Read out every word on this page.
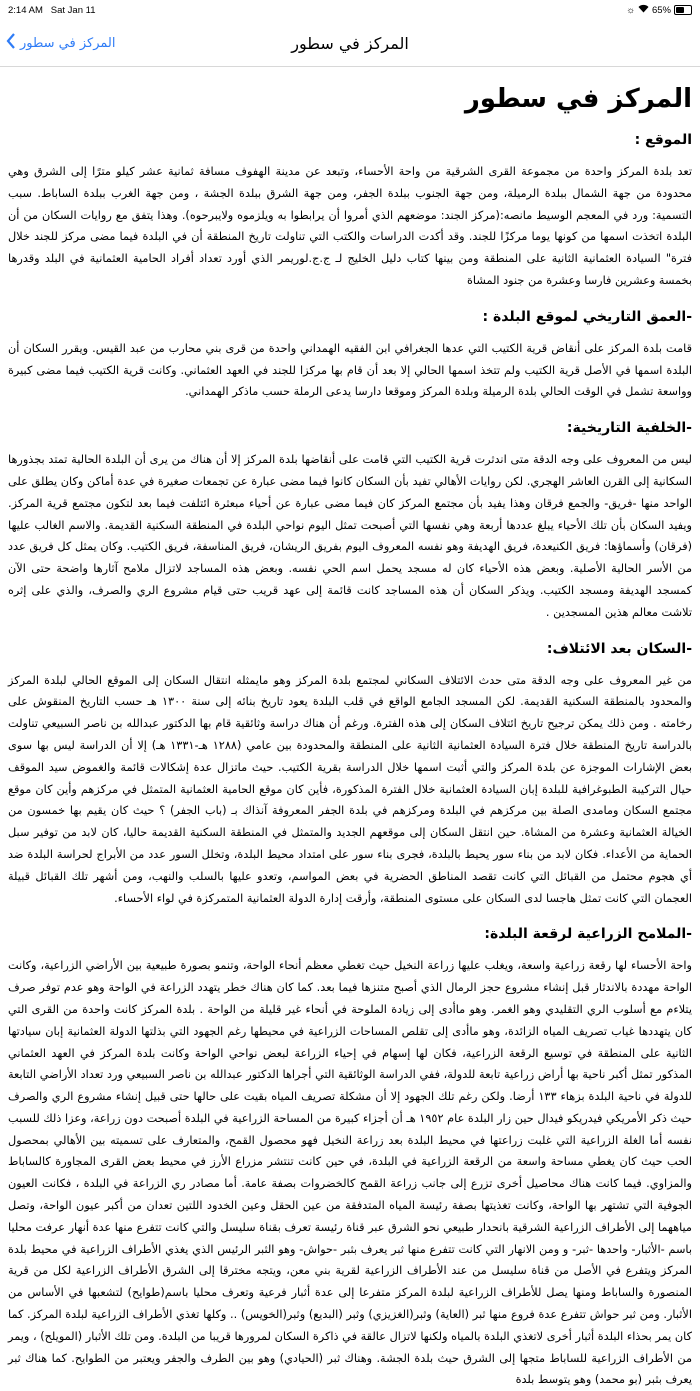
2:14 AM Sat Jan 11	☼ 65%
المركز في سطور	المركز في سطور
المركز في سطور
الموقع :

تعد بلدة المركز واحدة من مجموعة القرى الشرقية من واحة الأحساء، وتبعد عن مدينة الهفوف مسافة ثمانية عشر كيلو مترًا إلى الشرق وهي محدودة من جهة الشمال ببلدة الرميلة، ومن جهة الجنوب ببلدة الجفر، ومن جهة الشرق ببلدة الجشة ، ومن جهة الغرب ببلدة الساباط. سبب التسمية: ورد في المعجم الوسيط مانصه:(مركز الجند: موضعهم الذي أمروا أن يرابطوا به ويلزموه ولايبرحوه). وهذا يتفق مع روايات السكان من أن البلدة اتخذت اسمها من كونها يوما مركزًا للجند. وقد أكدت الدراسات والكتب التي تناولت تاريخ المنطقة أن في البلدة فيما مضى مركز للجند خلال فترة" السيادة العثمانية الثانية على المنطقة ومن بينها كتاب دليل الخليج لـ ج.ج.لوريمر الذي أورد تعداد أفراد الحامية العثمانية في البلد وقدرها بخمسة وعشرين فارسا وعشرة من جنود المشاة

-العمق التاريخي لموقع البلدة :

قامت بلدة المركز على أنقاض قرية الكتيب التي عدها الجغرافي ابن الفقيه الهمداني واحدة من قرى بني محارب من عبد القيس. ويقرر السكان أن البلدة اسمها في الأصل قرية الكتيب ولم تتخذ اسمها الحالي إلا بعد أن قام بها مركزا للجند في العهد العثماني. وكانت قرية الكتيب فيما مضى كبيرة وواسعة تشمل في الوقت الحالي بلدة الرميلة وبلدة المركز وموقعا دارسا يدعى الرملة حسب ماذكر الهمداني.

-الخلفية التاريخية:

ليس من المعروف على وجه الدقة متى اندثرت قرية الكتيب التي قامت على أنقاضها بلدة المركز إلا أن هناك من يرى أن البلدة الحالية تمتد بجذورها السكانية إلى القرن العاشر الهجري. لكن روايات الأهالي تفيد بأن السكان كانوا فيما مضى عبارة عن تجمعات صغيرة في عدة أماكن وكان يطلق على الواحد منها -فريق- والجمع فرقان وهذا يفيد بأن مجتمع المركز كان فيما مضى عبارة عن أحياء مبعثرة ائتلفت فيما بعد لتكون مجتمع قرية المركز. ويفيد السكان بأن تلك الأحياء يبلغ عددها أربعة وهي نفسها التي أصبحت تمثل اليوم نواحي البلدة في المنطقة السكنية القديمة. والاسم الغالب عليها (فرقان) وأسماؤها: فريق الكنيعدة، فريق الهديفة وهو نفسه المعروف اليوم بفريق الريشان، فريق المناسفة، فريق الكتيب. وكان يمثل كل فريق عدد من الأسر الحالية الأصلية. وبعض هذه الأحياء كان له مسجد يحمل اسم الحي نفسه. وبعض هذه المساجد لاتزال ملامح آثارها واضحة حتى الآن كمسجد الهديفة ومسجد الكتيب. ويذكر السكان أن هذه المساجد كانت قائمة إلى عهد قريب حتى قيام مشروع الري والصرف، والذي على إثره تلاشت معالم هذين المسجدين .

-السكان بعد الائتلاف:

من غير المعروف على وجه الدقة متى حدث الائتلاف السكاني لمجتمع بلدة المركز وهو مايمثله انتقال السكان إلى الموقع الحالي لبلدة المركز والمحدود بالمنطقة السكنية القديمة. لكن المسجد الجامع الواقع في قلب البلدة يعود تاريخ بنائه إلى سنة ١٣٠٠ هـ حسب التاريخ المنقوش على رخامته . ومن ذلك يمكن ترجيح تاريخ ائتلاف السكان إلى هذه الفترة. ورغم أن هناك دراسة وثائقية قام بها الدكتور عبدالله بن ناصر السبيعي تناولت بالدراسة تاريخ المنطقة خلال فترة السيادة العثمانية الثانية على المنطقة والمحدودة بين عامي (١٢٨٨ هـ-١٣٣١ هـ) إلا أن الدراسة ليس بها سوى بعض الإشارات الموجزة عن بلدة المركز والتي أثبت اسمها خلال الدراسة بقرية الكتيب. حيث ماتزال عدة إشكالات قائمة والغموض سيد الموقف حيال التركيبة الطبوغرافية للبلدة إبان السيادة العثمانية خلال الفترة المذكورة، فأين كان موقع الحامية العثمانية المتمثل في مركزهم وأين كان موقع مجتمع السكان ومامدى الصلة بين مركزهم في البلدة ومركزهم في بلدة الجفر المعروفة آنذاك بـ (باب الجفر) ؟ حيث كان يقيم بها خمسون من الخيالة العثمانية وعشرة من المشاة. حين انتقل السكان إلى موقعهم الجديد والمتمثل في المنطقة السكنية القديمة حاليا، كان لابد من توفير سبل الحماية من الأعداء. فكان لابد من بناء سور يحيط بالبلدة، فجرى بناء سور على امتداد محيط البلدة، وتخلل السور عدد من الأبراج لحراسة البلدة ضد أي هجوم محتمل من القبائل التي كانت تقصد المناطق الحضرية في بعض المواسم، وتعدو عليها بالسلب والنهب، ومن أشهر تلك القبائل قبيلة العجمان التي كانت تمثل هاجسا لدى السكان على مستوى المنطقة، وأرقت إدارة الدولة العثمانية المتمركزة في لواء الأحساء.

-الملامح الزراعية لرقعة البلدة:

واحة الأحساء لها رقعة زراعية واسعة، ويغلب عليها زراعة النخيل حيث تغطي معظم أنحاء الواحة، وتنمو بصورة طبيعية بين الأراضي الزراعية، وكانت الواحة مهددة بالاندثار قبل إنشاء مشروع حجز الرمال الذي أصبح متنزها فيما بعد. كما كان هناك خطر يتهدد الزراعة في الواحة وهو عدم توفر صرف يتلاءم مع أسلوب الري التقليدي وهو الغمر. وهو ماأدى إلى زيادة الملوحة في أنحاء غير قليلة من الواحة . بلدة المركز كانت واحدة من القرى التي كان يتهددها غياب تصريف المياه الزائدة، وهو ماأدى إلى تقلص المساحات الزراعية في محيطها رغم الجهود التي بذلتها الدولة العثمانية إبان سيادتها الثانية على المنطقة في توسيع الرقعة الزراعية، فكان لها إسهام في إحياء الزراعة لبعض نواحي الواحة وكانت بلدة المركز في العهد العثماني المذكور تمثل أكبر ناحية بها أراض زراعية تابعة للدولة، ففي الدراسة الوثائقية التي أجراها الدكتور عبدالله بن ناصر السبيعي ورد تعداد الأراضي التابعة للدولة في ناحية البلدة بزهاء ١٣٣ أرضا. ولكن رغم تلك الجهود إلا أن مشكلة تصريف المياه بقيت على حالها حتى قبيل إنشاء مشروع الري والصرف حيث ذكر الأمريكي فيدريكو فيدال حين زار البلدة عام ١٩٥٢ هـ أن أجزاء كبيرة من المساحة الزراعية في البلدة أصبحت دون زراعة، وعزا ذلك للسبب نفسه أما الغلة الزراعية التي غلبت زراعتها في محيط البلدة بعد زراعة النخيل فهو محصول القمح، والمتعارف على تسميته بين الأهالي بمحصول الحب حيث كان يغطي مساحة واسعة من الرقعة الزراعية في البلدة، في حين كانت تنتشر مزراع الأرز في محيط بعض القرى المجاورة كالساباط والمزاوي. فيما كانت هناك محاصيل أخرى تزرع إلى جانب زراعة القمح كالخضروات بصفة عامة. أما مصادر ري الزراعة في البلدة ، فكانت العيون الجوفية التي تشتهر بها الواحة، وكانت تغذيتها بصفة رئيسة المياه المتدفقة من عين الحقل وعين الخدود اللتين تعدان من أكبر عيون الواحة، وتصل مياههما إلى الأطراف الزراعية الشرقية بانحدار طبيعي نحو الشرق عبر قناة رئيسة تعرف بقناة سليسل والتي كانت تتفرع منها عدة أنهار عرفت محليا باسم -الأثبار- واحدها -ثبر- و ومن الانهار التي كانت تتفرع منها ثبر يعرف بثبر -حواش- وهو الثبر الرئيس الذي يغذي الأطراف الزراعية في محيط بلدة المركز ويتفرع في الأصل من قناة سليسل من عند الأطراف الزراعية لقرية بني معن، ويتجه مخترقا إلى الشرق الأطراف الزراعية لكل من قرية المنصورة والساباط ومنها يصل للأطراف الزراعية لبلدة المركز متفرعا إلى عدة أثبار فرعية وتعرف محليا باسم(طوايح) لتشعبها في الأساس من الأثبار. ومن ثبر حواش تتفرع عدة فروع منها ثبر (العاية) وثبر(الغزيزي) وثبر (البديع) وثبر(الخويس) .. وكلها تغذي الأطراف الزراعية لبلدة المركز. كما كان يمر بحذاء البلدة أثبار أخرى لاتغذي البلدة بالمياه ولكنها لاتزال عالقة في ذاكرة السكان لمرورها قريبا من البلدة. ومن تلك الأثبار (المويلح) ، ويمر من الأطراف الزراعية للساباط متجها إلى الشرق حيث بلدة الجشة. وهناك ثبر (الحيادي) وهو بين الطرف والجفر ويعتبر من الطوايح. كما هناك ثبر يعرف بثبر (بو محمد) وهو يتوسط بلدة
